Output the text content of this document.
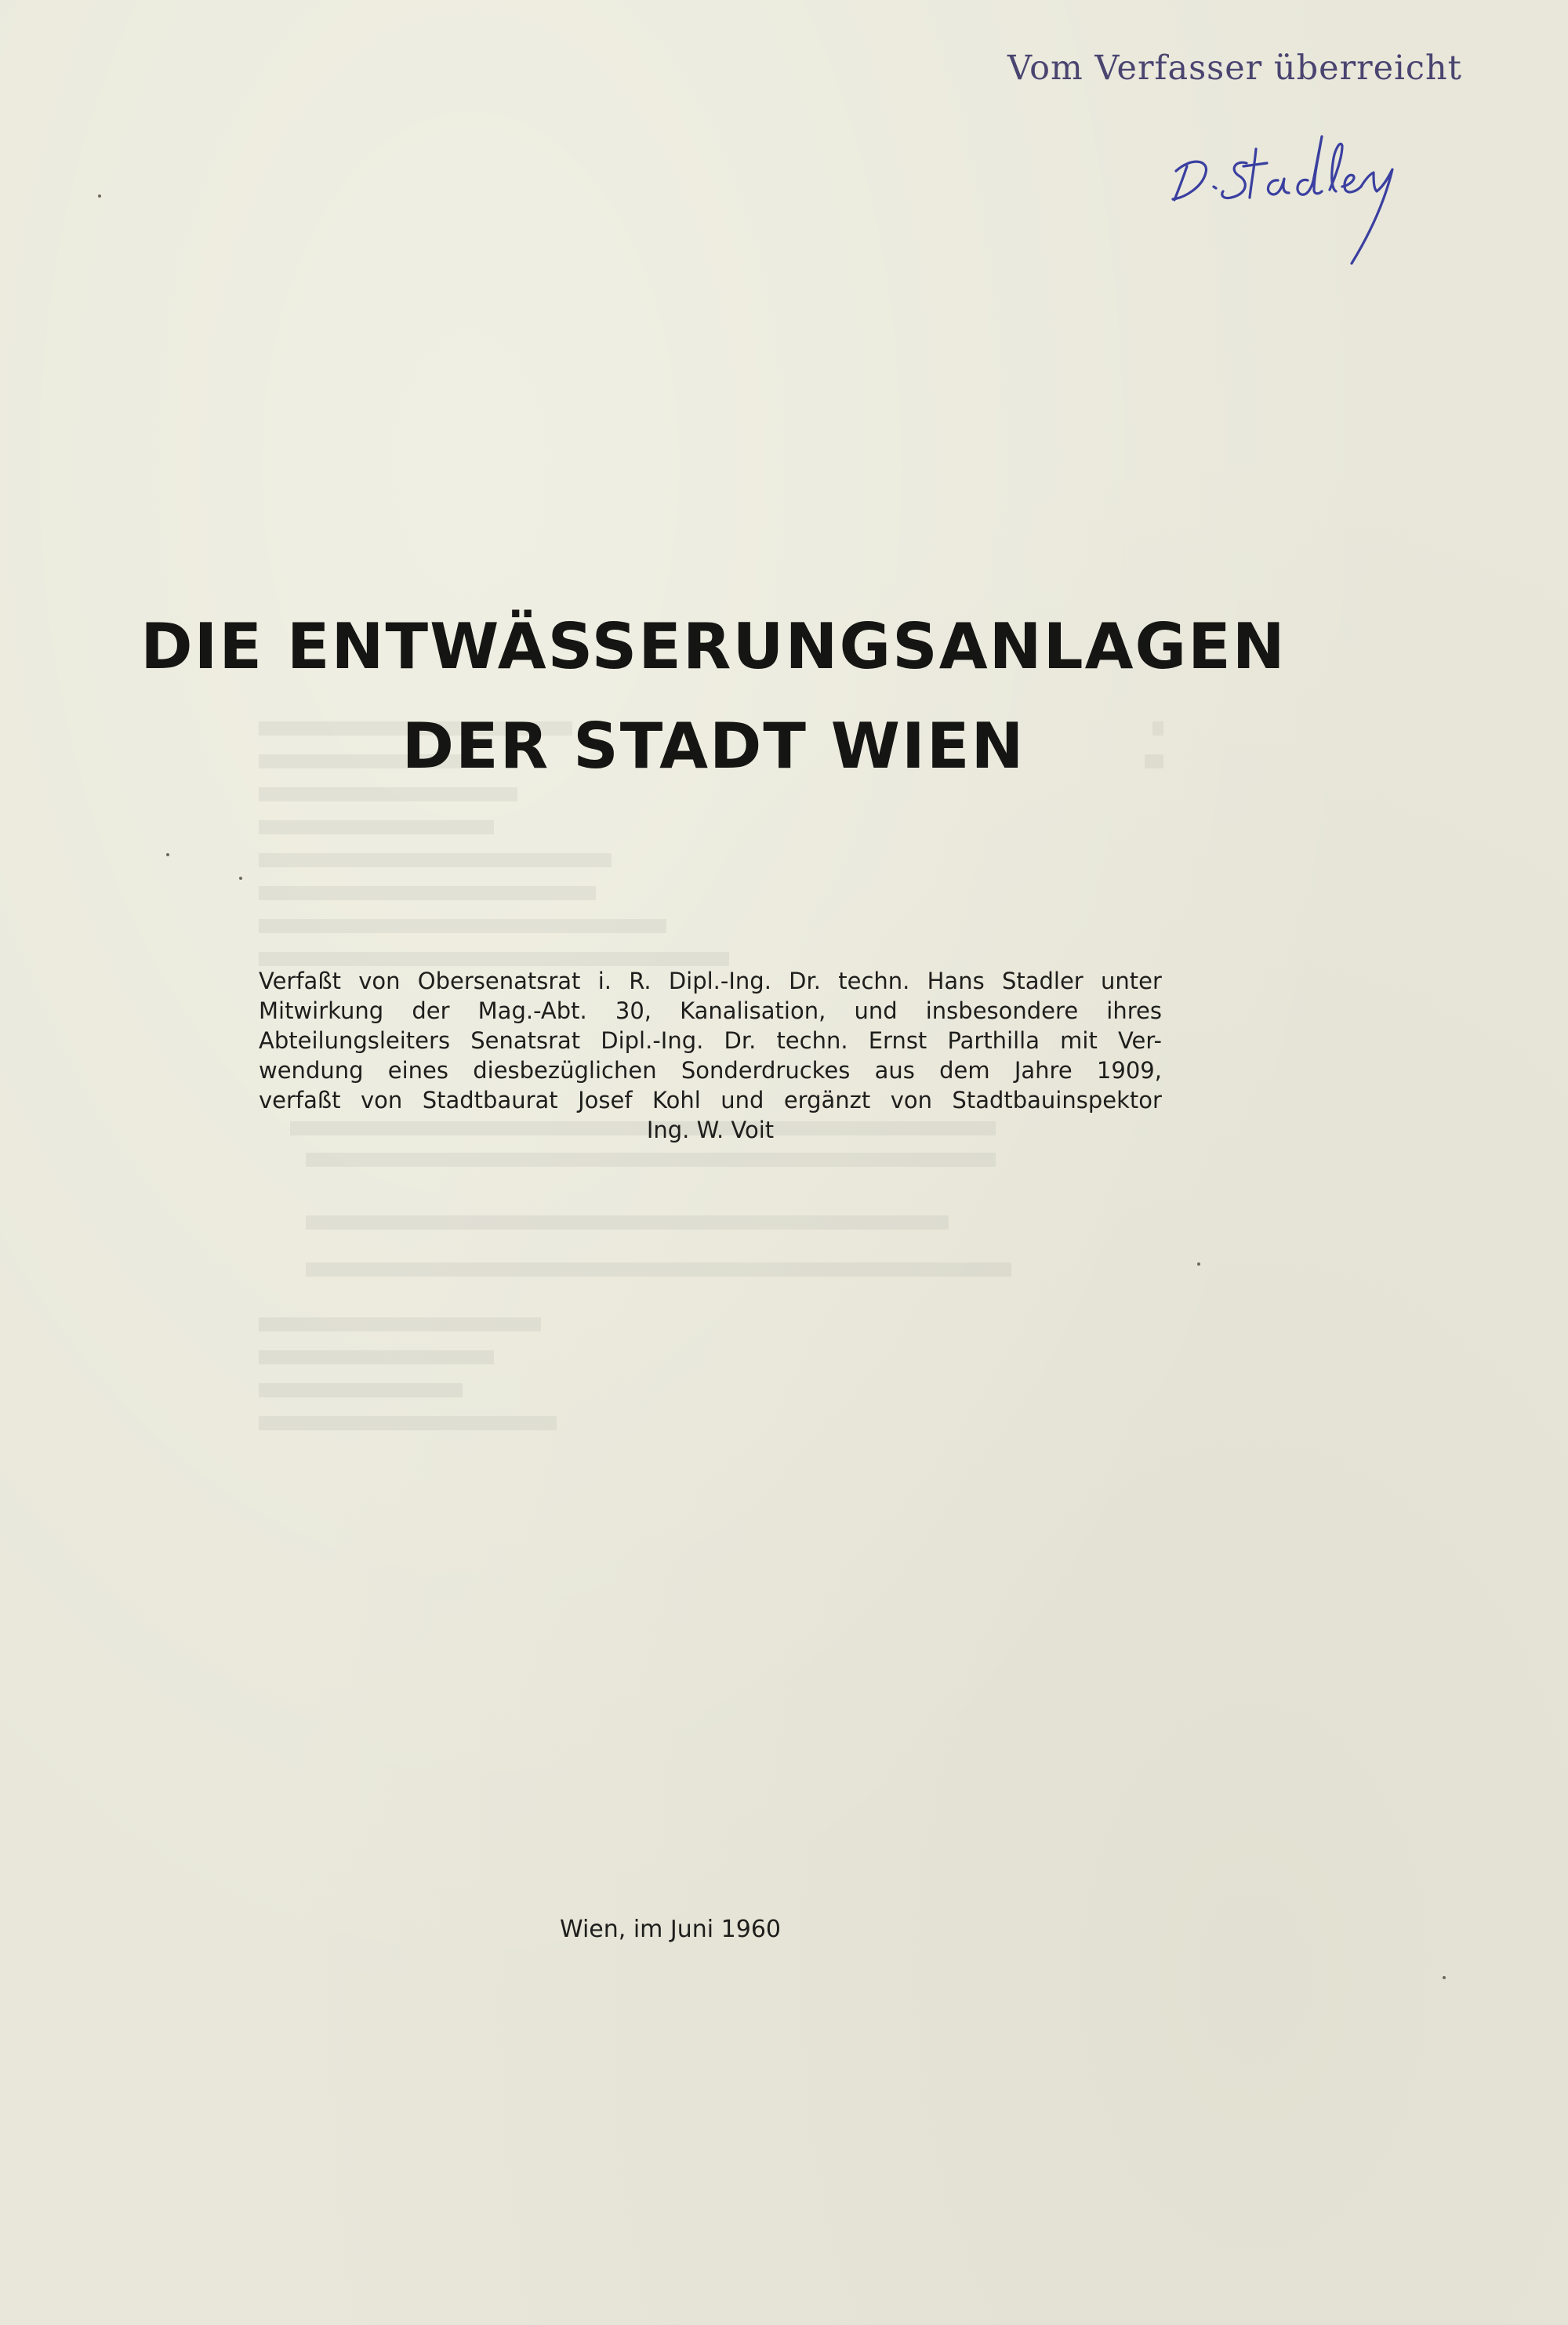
Vom Verfasser überreicht
DIE ENTWÄSSERUNGSANLAGEN
DER STADT WIEN
Verfaßt von Obersenatsrat i. R. Dipl.-Ing. Dr. techn. Hans Stadler unter
Mitwirkung der Mag.-Abt. 30, Kanalisation, und insbesondere ihres
Abteilungsleiters Senatsrat Dipl.-Ing. Dr. techn. Ernst Parthilla mit Ver-
wendung eines diesbezüglichen Sonderdruckes aus dem Jahre 1909,
verfaßt von Stadtbaurat Josef Kohl und ergänzt von Stadtbauinspektor
Ing. W. Voit
Wien, im Juni 1960
